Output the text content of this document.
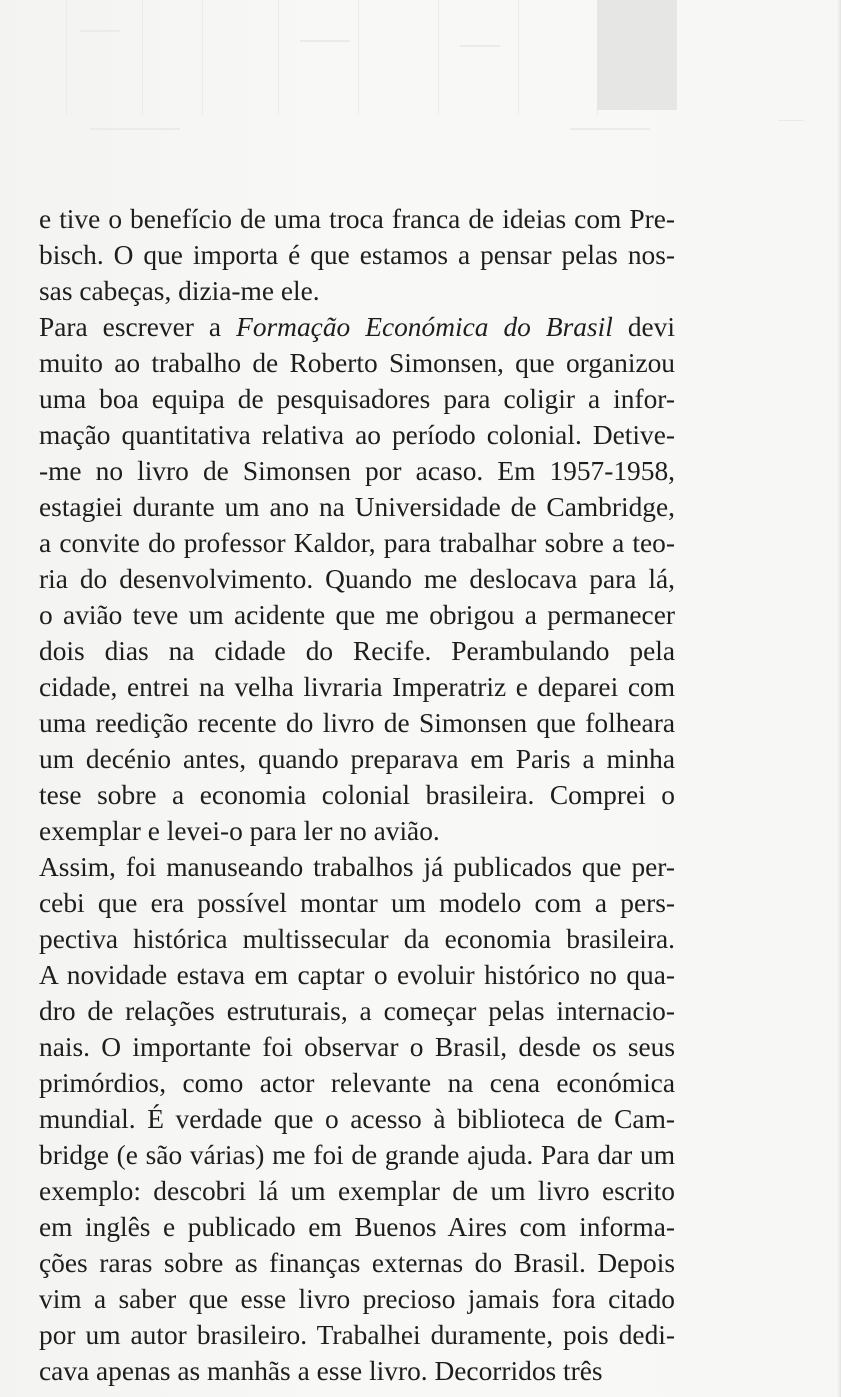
e tive o benefício de uma troca franca de ideias com Pre-
bisch. O que importa é que estamos a pensar pelas nos-
sas cabeças, dizia-me ele.
Para escrever a Formação Económica do Brasil devi
muito ao trabalho de Roberto Simonsen, que organizou
uma boa equipa de pesquisadores para coligir a infor-
mação quantitativa relativa ao período colonial. Detive-
-me no livro de Simonsen por acaso. Em 1957-1958,
estagiei durante um ano na Universidade de Cambridge,
a convite do professor Kaldor, para trabalhar sobre a teo-
ria do desenvolvimento. Quando me deslocava para lá,
o avião teve um acidente que me obrigou a permanecer
dois dias na cidade do Recife. Perambulando pela
cidade, entrei na velha livraria Imperatriz e deparei com
uma reedição recente do livro de Simonsen que folheara
um decénio antes, quando preparava em Paris a minha
tese sobre a economia colonial brasileira. Comprei o
exemplar e levei-o para ler no avião.
Assim, foi manuseando trabalhos já publicados que per-
cebi que era possível montar um modelo com a pers-
pectiva histórica multissecular da economia brasileira.
A novidade estava em captar o evoluir histórico no qua-
dro de relações estruturais, a começar pelas internacio-
nais. O importante foi observar o Brasil, desde os seus
primórdios, como actor relevante na cena económica
mundial. É verdade que o acesso à biblioteca de Cam-
bridge (e são várias) me foi de grande ajuda. Para dar um
exemplo: descobri lá um exemplar de um livro escrito
em inglês e publicado em Buenos Aires com informa-
ções raras sobre as finanças externas do Brasil. Depois
vim a saber que esse livro precioso jamais fora citado
por um autor brasileiro. Trabalhei duramente, pois dedi-
cava apenas as manhãs a esse livro. Decorridos três
